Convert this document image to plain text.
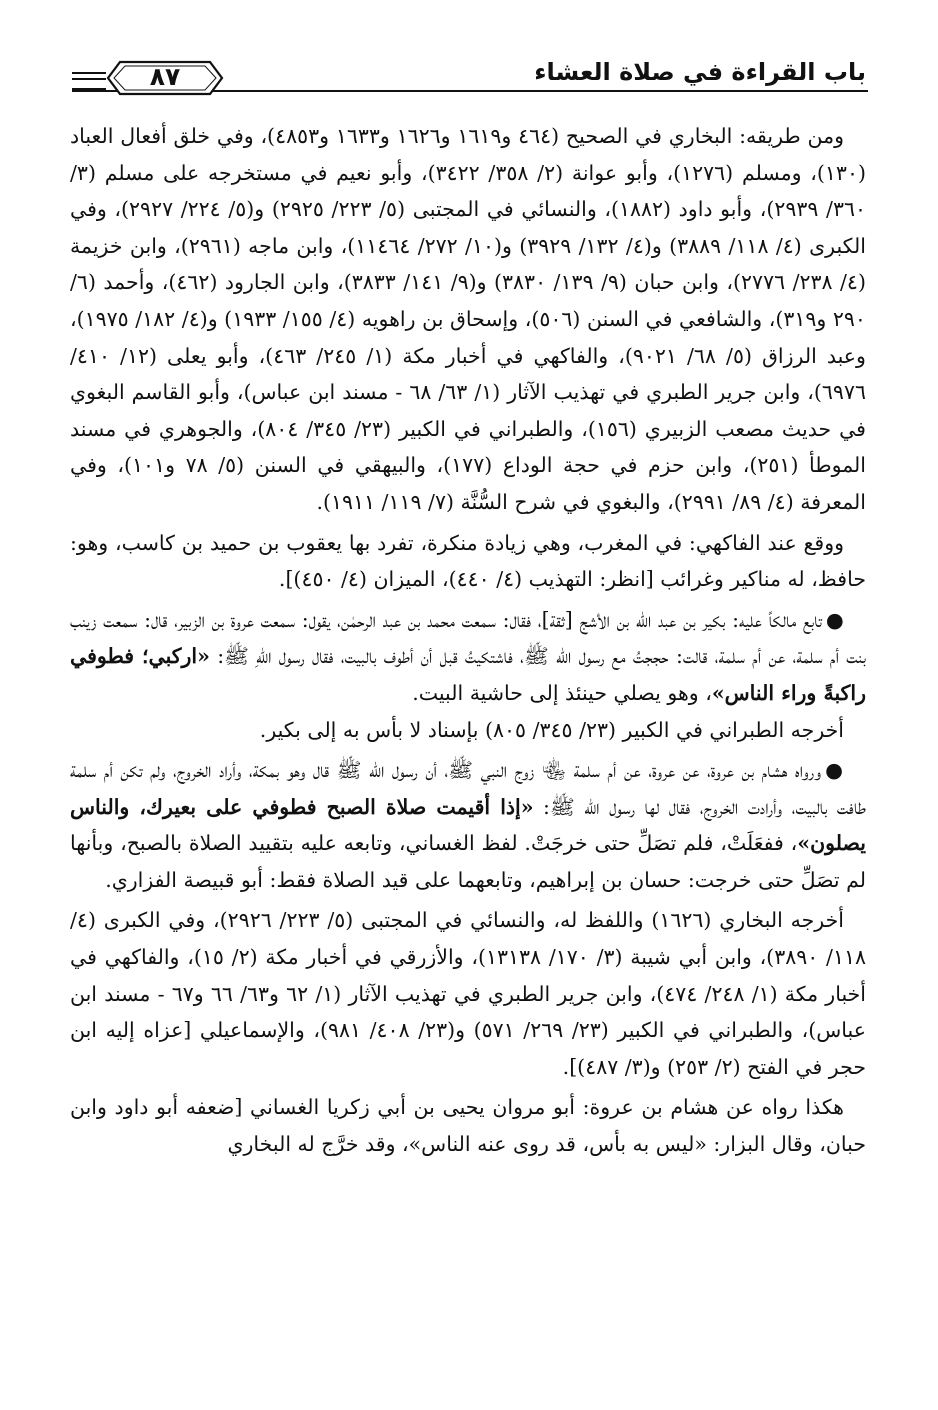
باب القراءة في صلاة العشاء
٨٧

ومن طريقه: البخاري في الصحيح (٤٦٤ و١٦١٩ و١٦٢٦ و١٦٣٣ و٤٨٥٣)، وفي خلق أفعال العباد (١٣٠)، ومسلم (١٢٧٦)، وأبو عوانة (٢/ ٣٥٨/ ٣٤٢٢)، وأبو نعيم في مستخرجه على مسلم (٣/ ٣٦٠/ ٢٩٣٩)، وأبو داود (١٨٨٢)، والنسائي في المجتبى (٥/ ٢٢٣/ ٢٩٢٥) و(٥/ ٢٢٤/ ٢٩٢٧)، وفي الكبرى (٤/ ١١٨/ ٣٨٨٩) و(٤/ ١٣٢/ ٣٩٢٩) و(١٠/ ٢٧٢/ ١١٤٦٤)، وابن ماجه (٢٩٦١)، وابن خزيمة (٤/ ٢٣٨/ ٢٧٧٦)، وابن حبان (٩/ ١٣٩/ ٣٨٣٠) و(٩/ ١٤١/ ٣٨٣٣)، وابن الجارود (٤٦٢)، وأحمد (٦/ ٢٩٠ و٣١٩)، والشافعي في السنن (٥٠٦)، وإسحاق بن راهويه (٤/ ١٥٥/ ١٩٣٣) و(٤/ ١٨٢/ ١٩٧٥)، وعبد الرزاق (٥/ ٦٨/ ٩٠٢١)، والفاكهي في أخبار مكة (١/ ٢٤٥/ ٤٦٣)، وأبو يعلى (١٢/ ٤١٠/ ٦٩٧٦)، وابن جرير الطبري في تهذيب الآثار (١/ ٦٣/ ٦٨ - مسند ابن عباس)، وأبو القاسم البغوي في حديث مصعب الزبيري (١٥٦)، والطبراني في الكبير (٢٣/ ٣٤٥/ ٨٠٤)، والجوهري في مسند الموطأ (٢٥١)، وابن حزم في حجة الوداع (١٧٧)، والبيهقي في السنن (٥/ ٧٨ و١٠١)، وفي المعرفة (٤/ ٨٩/ ٢٩٩١)، والبغوي في شرح السُّنَّة (٧/ ١١٩/ ١٩١١).

ووقع عند الفاكهي: في المغرب، وهي زيادة منكرة، تفرد بها يعقوب بن حميد بن كاسب، وهو: حافظ، له مناكير وغرائب [انظر: التهذيب (٤/ ٤٤٠)، الميزان (٤/ ٤٥٠)].

●تابع مالكاً عليه: بكير بن عبد الله بن الأشج [ثقة]، فقال: سمعت محمد بن عبد الرحمٰن، يقول: سمعت عروة بن الزبير، قال: سمعت زينب بنت أم سلمة، عن أم سلمة، قالت: حججتُ مع رسول الله ﷺ، فاشتكيتُ قبل أن أطوف بالبيت، فقال رسول اللهِ ﷺ: «اركبي؛ فطوفي راكبةً وراء الناس»، وهو يصلي حينئذ إلى حاشية البيت.

أخرجه الطبراني في الكبير (٢٣/ ٣٤٥/ ٨٠٥) بإسناد لا بأس به إلى بكير.

●ورواه هشام بن عروة، عن عروة، عن أم سلمة ﵄ زوج النبي ﷺ، أن رسول الله ﷺ قال وهو بمكة، وأراد الخروج، ولم تكن أم سلمة طافت بالبيت، وأرادت الخروج، فقال لها رسول الله ﷺ: «إذا أقيمت صلاة الصبح فطوفي على بعيرك، والناس يصلون»، ففعَلَتْ، فلم تصَلِّ حتى خرجَتْ. لفظ الغساني، وتابعه عليه بتقييد الصلاة بالصبح، وبأنها لم تصَلِّ حتى خرجت: حسان بن إبراهيم، وتابعهما على قيد الصلاة فقط: أبو قبيصة الفزاري.

أخرجه البخاري (١٦٢٦) واللفظ له، والنسائي في المجتبى (٥/ ٢٢٣/ ٢٩٢٦)، وفي الكبرى (٤/ ١١٨/ ٣٨٩٠)، وابن أبي شيبة (٣/ ١٧٠/ ١٣١٣٨)، والأزرقي في أخبار مكة (٢/ ١٥)، والفاكهي في أخبار مكة (١/ ٢٤٨/ ٤٧٤)، وابن جرير الطبري في تهذيب الآثار (١/ ٦٢ و٦٣/ ٦٦ و٦٧ - مسند ابن عباس)، والطبراني في الكبير (٢٣/ ٢٦٩/ ٥٧١) و(٢٣/ ٤٠٨/ ٩٨١)، والإسماعيلي [عزاه إليه ابن حجر في الفتح (٢/ ٢٥٣) و(٣/ ٤٨٧)].

هكذا رواه عن هشام بن عروة: أبو مروان يحيى بن أبي زكريا الغساني [ضعفه أبو داود وابن حبان، وقال البزار: «ليس به بأس، قد روى عنه الناس»، وقد خرَّج له البخاري
